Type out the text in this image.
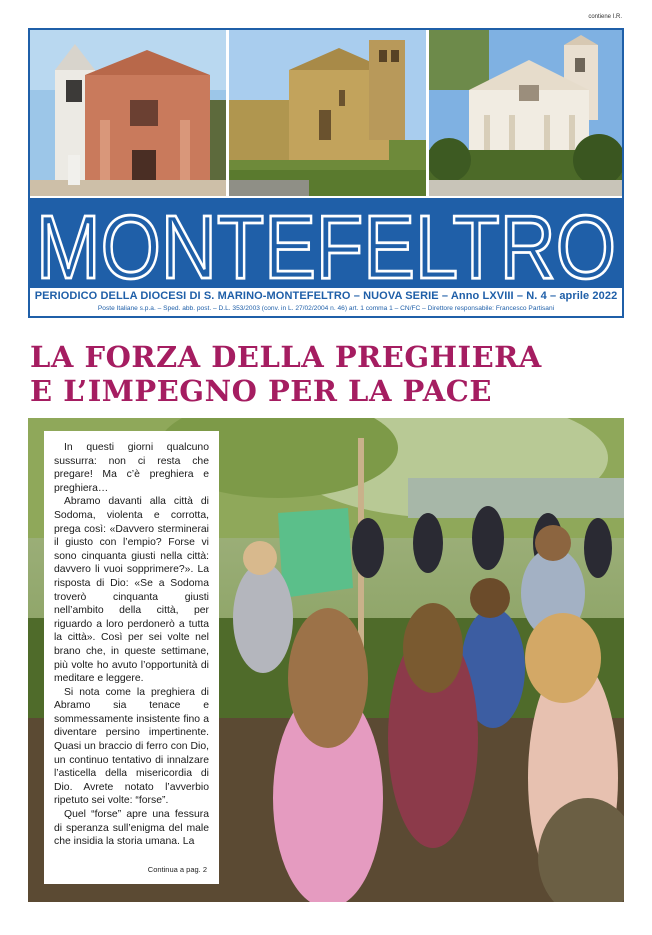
contiene I.R.
MONTEFELTRO
PERIODICO DELLA DIOCESI DI S. MARINO-MONTEFELTRO – NUOVA SERIE – Anno LXVIII – N. 4 – aprile 2022
Poste Italiane s.p.a. – Sped. abb. post. – D.L. 353/2003 (conv. in L. 27/02/2004 n. 46) art. 1 comma 1 – CN/FC – Direttore responsabile: Francesco Partisani
LA FORZA DELLA PREGHIERA
E L’IMPEGNO PER LA PACE

In questi giorni qualcuno sussurra: non ci resta che pregare! Ma c’è preghiera e preghiera…

Abramo davanti alla città di Sodoma, violenta e corrotta, prega così: «Davvero sterminerai il giusto con l’empio? Forse vi sono cinquanta giusti nella città: davvero li vuoi sopprimere?». La risposta di Dio: «Se a Sodoma troverò cinquanta giusti nell’ambito della città, per riguardo a loro perdonerò a tutta la città». Così per sei volte nel brano che, in queste settimane, più volte ho avuto l’opportunità di meditare e leggere.

Si nota come la preghiera di Abramo sia tenace e sommessamente insistente fino a diventare persino impertinente. Quasi un braccio di ferro con Dio, un continuo tentativo di innalzare l’asticella della misericordia di Dio. Avrete notato l’avverbio ripetuto sei volte: “forse”.

Quel “forse” apre una fessura di speranza sull’enigma del male che insidia la storia umana. La

Continua a pag. 2
